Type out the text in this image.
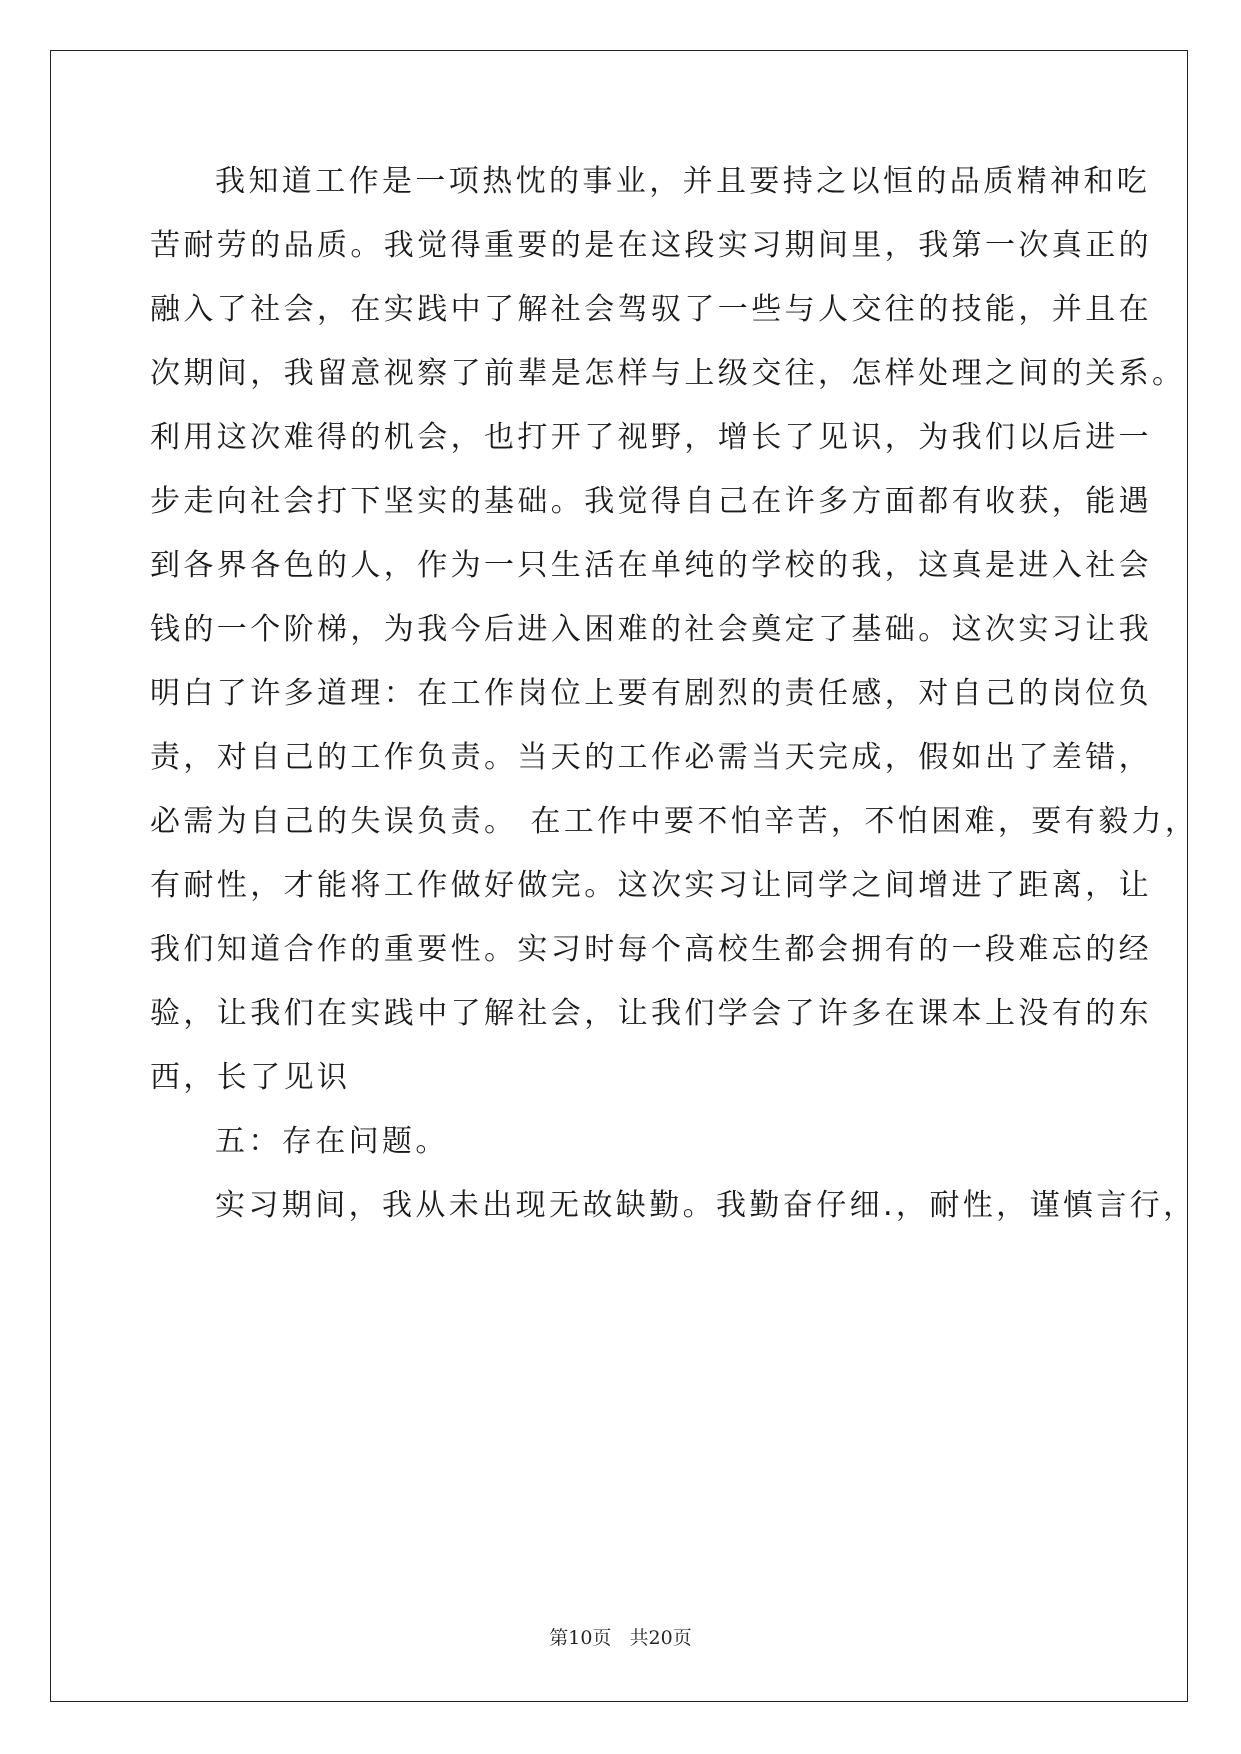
我知道工作是一项热忱的事业，并且要持之以恒的品质精神和吃
苦耐劳的品质。我觉得重要的是在这段实习期间里，我第一次真正的
融入了社会，在实践中了解社会驾驭了一些与人交往的技能，并且在
次期间，我留意视察了前辈是怎样与上级交往，怎样处理之间的关系。
利用这次难得的机会，也打开了视野，增长了见识，为我们以后进一
步走向社会打下坚实的基础。我觉得自己在许多方面都有收获，能遇
到各界各色的人，作为一只生活在单纯的学校的我，这真是进入社会
钱的一个阶梯，为我今后进入困难的社会奠定了基础。这次实习让我
明白了许多道理：在工作岗位上要有剧烈的责任感，对自己的岗位负
责，对自己的工作负责。当天的工作必需当天完成，假如出了差错，
必需为自己的失误负责。 在工作中要不怕辛苦，不怕困难，要有毅力，
有耐性，才能将工作做好做完。这次实习让同学之间增进了距离，让
我们知道合作的重要性。实习时每个高校生都会拥有的一段难忘的经
验，让我们在实践中了解社会，让我们学会了许多在课本上没有的东
西，长了见识
五：存在问题。
实习期间，我从未出现无故缺勤。我勤奋仔细.，耐性，谨慎言行，
第10页   共20页
